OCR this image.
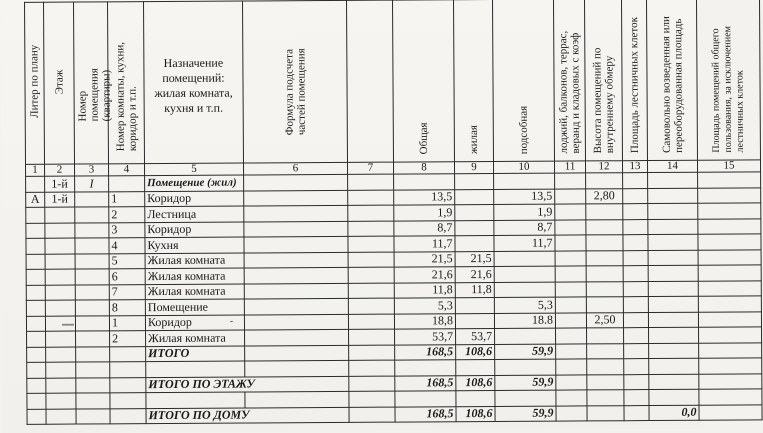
Литер по плану	Этаж	Номер помещения (квартиры)	Номер комнаты, кухни, коридор и т.п.	Назначение помещений: жилая комната, кухня и т.п.	Формула подсчета частей помещения		Общая	жилая	подсобная	лоджий, балконов, террас, веранд и кладовых с коэф	Высота помещений по внутреннему обмеру	Площадь лестничных клеток	Самовольно возведенная или переоборудованная площадь	Площадь помещений общего пользования, за исключением лестничных клеток
1	2	3	4	5	6	7	8	9	10	11	12	13	14	15
	1-й	I		Помещение (жил)										
А	1-й		1	Коридор			13,5		13,5		2,80			
			2	Лестница			1,9		1,9					
			3	Коридор			8,7		8,7					
			4	Кухня			11,7		11,7					
			5	Жилая комната			21,5	21,5						
			6	Жилая комната			21,6	21,6						
			7	Жилая комната			11,8	11,8						
			8	Помещение			5,3		5,3					
			1	Коридор			18,8		18.8		2,50			
			2	Жилая комната			53,7	53,7						
				ИТОГО			168,5	108,6	59,9					

				ИТОГО ПО ЭТАЖУ			168,5	108,6	59,9					

				ИТОГО ПО ДОМУ			168,5	108,6	59,9				0,0	
▬▬	˜
